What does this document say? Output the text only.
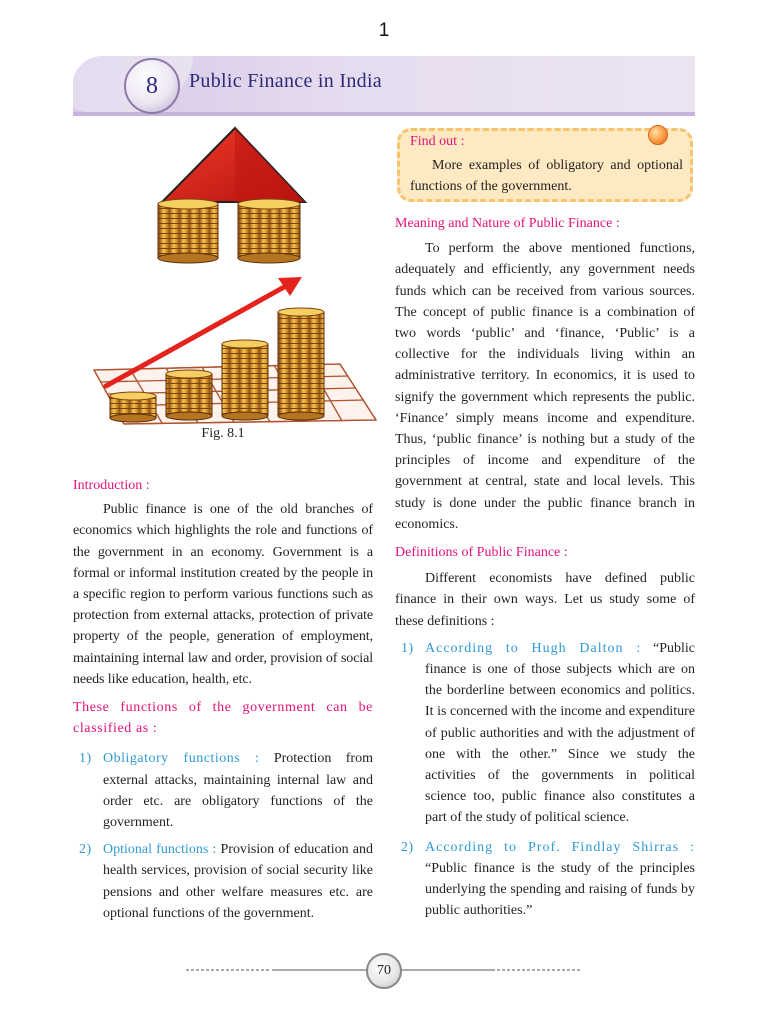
1
8 Public Finance in India
Fig. 8.1
Find out :

More examples of obligatory and optional functions of the government.

Introduction :

Public finance is one of the old branches of economics which highlights the role and functions of the government in an economy. Government is a formal or informal institution created by the people in a specific region to perform various functions such as protection from external attacks, protection of private property of the people, generation of employment, maintaining internal law and order, provision of social needs like education, health, etc.

These functions of the government can be classified as :

1) Obligatory functions : Protection from external attacks, maintaining internal law and order etc. are obligatory functions of the government.
2) Optional functions : Provision of education and health services, provision of social security like pensions and other welfare measures etc. are optional functions of the government.

Meaning and Nature of Public Finance :

To perform the above mentioned functions, adequately and efficiently, any government needs funds which can be received from various sources. The concept of public finance is a combination of two words ‘public’ and ‘finance, ‘Public’ is a collective for the individuals living within an administrative territory. In economics, it is used to signify the government which represents the public. ‘Finance’ simply means income and expenditure. Thus, ‘public finance’ is nothing but a study of the principles of income and expenditure of the government at central, state and local levels. This study is done under the public finance branch in economics.

Definitions of Public Finance :

Different economists have defined public finance in their own ways. Let us study some of these definitions :

1) According to Hugh Dalton : “Public finance is one of those subjects which are on the borderline between economics and politics. It is concerned with the income and expenditure of public authorities and with the adjustment of one with the other.” Since we study the activities of the governments in political science too, public finance also constitutes a part of the study of political science.
2) According to Prof. Findlay Shirras : “Public finance is the study of the principles underlying the spending and raising of funds by public authorities.”
70
